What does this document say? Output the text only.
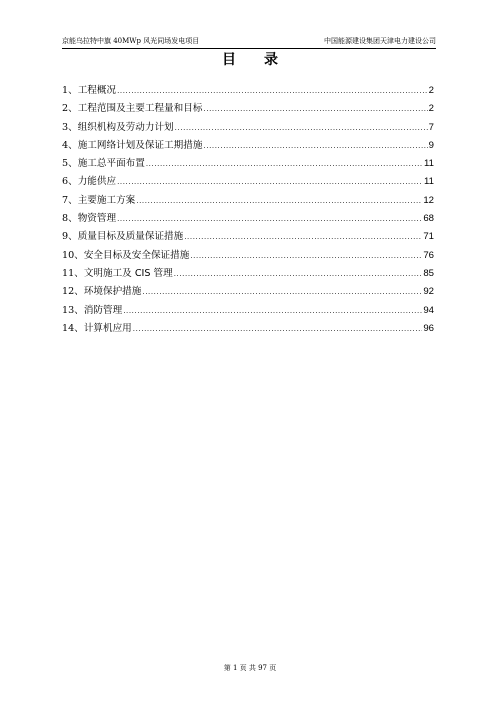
京能乌拉特中旗 40MWp 风光同场发电项目	中国能源建设集团天津电力建设公司
目录
1、 工程概况 .....	2
2、 工程范围及主要工程量和目标 .....	2
3、 组织机构及劳动力计划 .....	7
4、 施工网络计划及保证工期措施 .....	9
5、 施工总平面布置 .....	11
6、 力能供应 .....	11
7、 主要施工方案 .....	12
8、 物资管理 .....	68
9、 质量目标及质量保证措施 .....	71
10、 安全目标及安全保证措施 .....	76
11、 文明施工及 CIS 管理 .....	85
12、 环境保护措施 .....	92
13、 消防管理 .....	94
14、 计算机应用 .....	96
第 1 页 共 97 页
